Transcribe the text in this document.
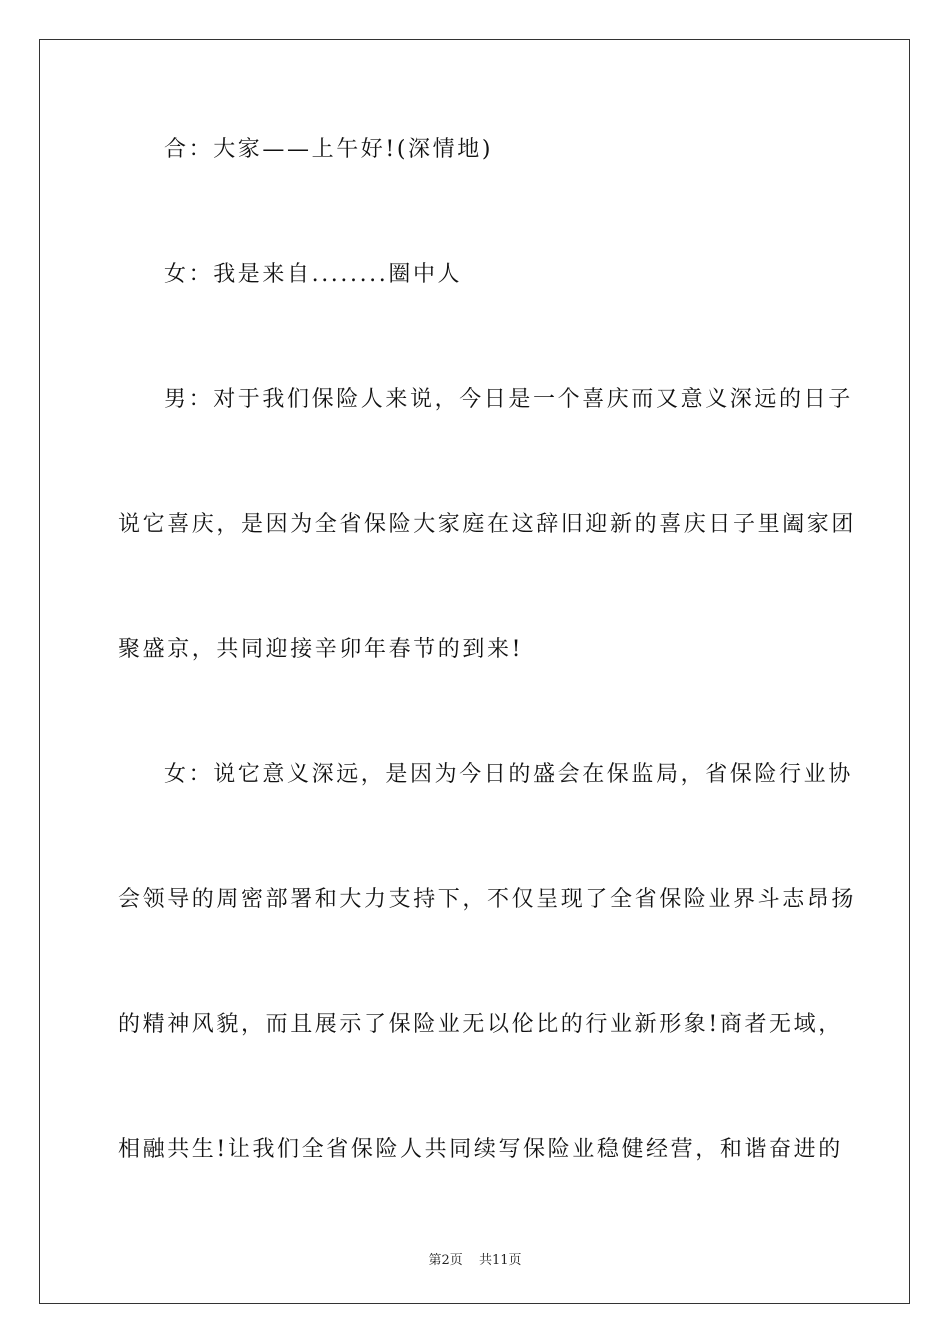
合：大家——上午好!(深情地)
女：我是来自........圈中人
男：对于我们保险人来说，今日是一个喜庆而又意义深远的日子
说它喜庆，是因为全省保险大家庭在这辞旧迎新的喜庆日子里阖家团
聚盛京，共同迎接辛卯年春节的到来!
女：说它意义深远，是因为今日的盛会在保监局，省保险行业协
会领导的周密部署和大力支持下，不仅呈现了全省保险业界斗志昂扬
的精神风貌，而且展示了保险业无以伦比的行业新形象!商者无域，
相融共生!让我们全省保险人共同续写保险业稳健经营，和谐奋进的
第2页 共11页
